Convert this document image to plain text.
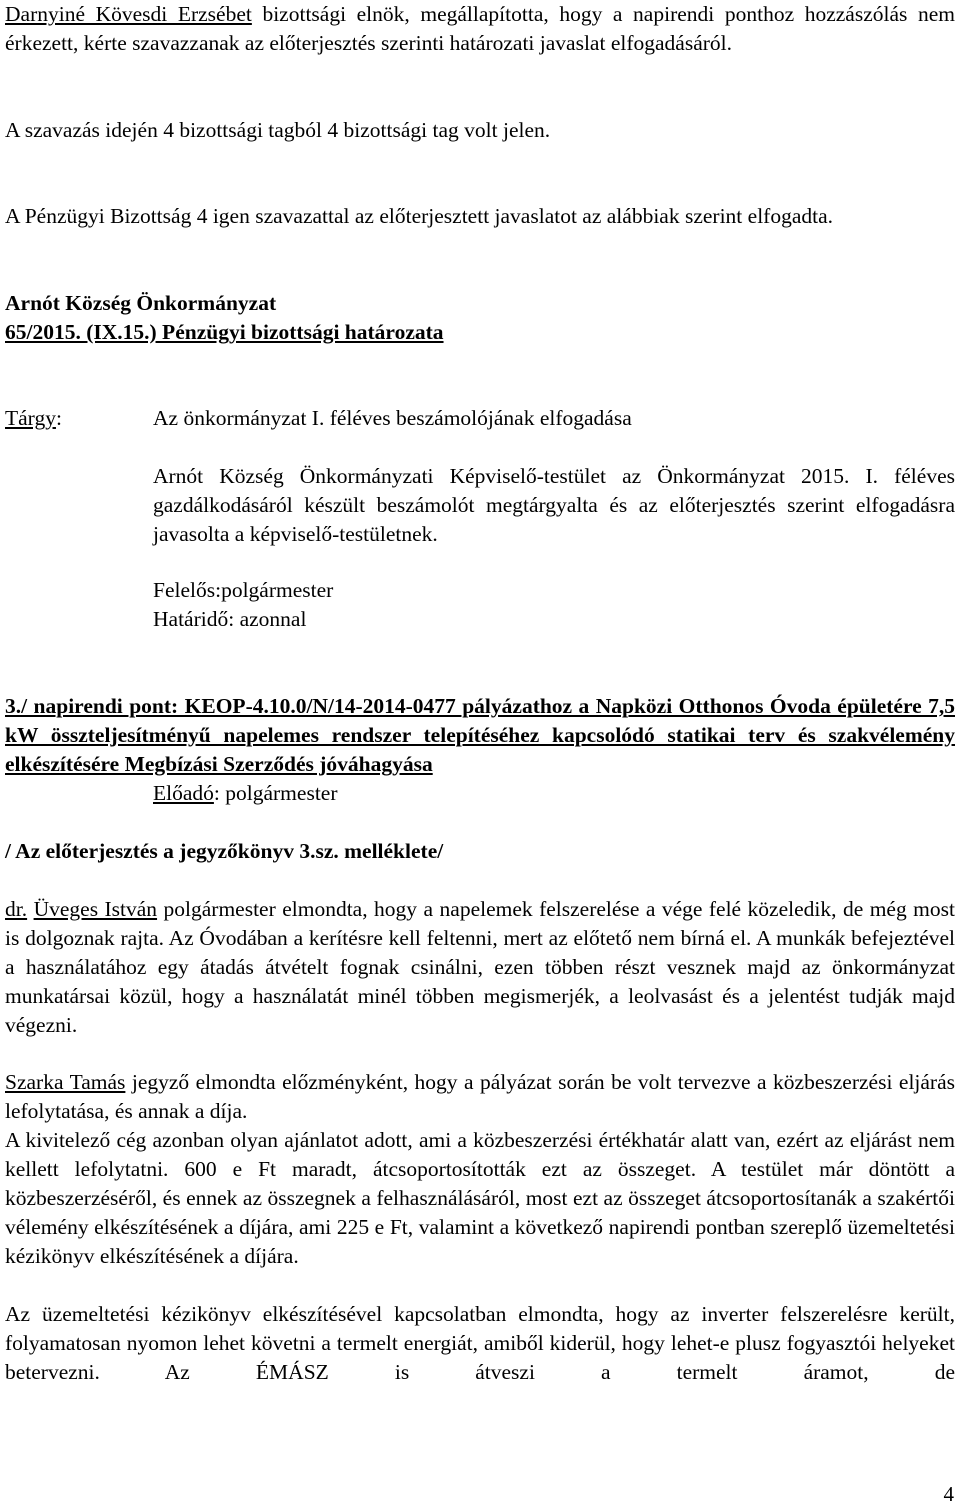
Darnyiné Kövesdi Erzsébet bizottsági elnök, megállapította, hogy a napirendi ponthoz hozzászólás nem érkezett, kérte szavazzanak az előterjesztés szerinti határozati javaslat elfogadásáról.

A szavazás idején 4 bizottsági tagból 4 bizottsági tag volt jelen.

A Pénzügyi Bizottság 4 igen szavazattal az előterjesztett javaslatot az alábbiak szerint elfogadta.

Arnót Község Önkormányzat
65/2015. (IX.15.) Pénzügyi bizottsági határozata
Tárgy:	Az önkormányzat I. féléves beszámolójának elfogadása

Arnót Község Önkormányzati Képviselő-testület az Önkormányzat 2015. I. féléves gazdálkodásáról készült beszámolót megtárgyalta és az előterjesztés szerint elfogadásra javasolta a képviselő-testületnek.

Felelős:polgármester
Határidő: azonnal

3./ napirendi pont: KEOP-4.10.0/N/14-2014-0477 pályázathoz a Napközi Otthonos Óvoda épületére 7,5 kW összteljesítményű napelemes rendszer telepítéséhez kapcsolódó statikai terv és szakvélemény elkészítésére Megbízási Szerződés jóváhagyása

Előadó: polgármester
/ Az előterjesztés a jegyzőkönyv 3.sz. melléklete/

dr. Üveges István polgármester elmondta, hogy a napelemek felszerelése a vége felé közeledik, de még most is dolgoznak rajta. Az Óvodában a kerítésre kell feltenni, mert az előtető nem bírná el. A munkák befejeztével a használatához egy átadás átvételt fognak csinálni, ezen többen részt vesznek majd az önkormányzat munkatársai közül, hogy a használatát minél többen megismerjék, a leolvasást és a jelentést tudják majd végezni.

Szarka Tamás jegyző elmondta előzményként, hogy a pályázat során be volt tervezve a közbeszerzési eljárás lefolytatása, és annak a díja.

A kivitelező cég azonban olyan ajánlatot adott, ami a közbeszerzési értékhatár alatt van, ezért az eljárást nem kellett lefolytatni. 600 e Ft maradt, átcsoportosították ezt az összeget. A testület már döntött a közbeszerzéséről, és ennek az összegnek a felhasználásáról, most ezt az összeget átcsoportosítanák a szakértői vélemény elkészítésének a díjára, ami 225 e Ft, valamint a következő napirendi pontban szereplő üzemeltetési kézikönyv elkészítésének a díjára.

Az üzemeltetési kézikönyv elkészítésével kapcsolatban elmondta, hogy az inverter felszerelésre került, folyamatosan nyomon lehet követni a termelt energiát, amiből kiderül, hogy lehet-e plusz fogyasztói helyeket betervezni. Az ÉMÁSZ is átveszi a termelt áramot, de

4
